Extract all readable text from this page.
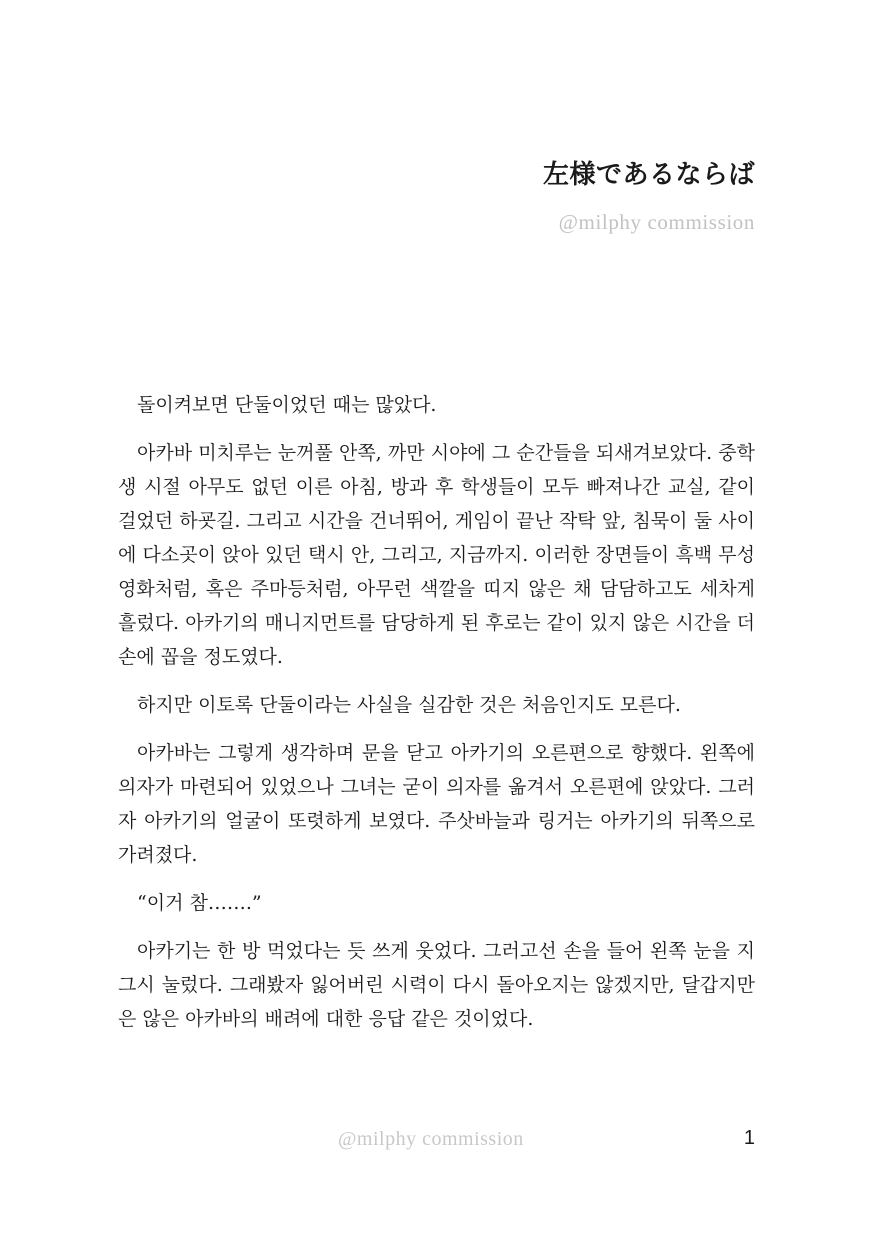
左様であるならば
@milphy commission

돌이켜보면 단둘이었던 때는 많았다.

아카바 미치루는 눈꺼풀 안쪽, 까만 시야에 그 순간들을 되새겨보았다. 중학생 시절 아무도 없던 이른 아침, 방과 후 학생들이 모두 빠져나간 교실, 같이 걸었던 하굣길. 그리고 시간을 건너뛰어, 게임이 끝난 작탁 앞, 침묵이 둘 사이에 다소곳이 앉아 있던 택시 안, 그리고, 지금까지. 이러한 장면들이 흑백 무성 영화처럼, 혹은 주마등처럼, 아무런 색깔을 띠지 않은 채 담담하고도 세차게 흘렀다. 아카기의 매니지먼트를 담당하게 된 후로는 같이 있지 않은 시간을 더 손에 꼽을 정도였다.

하지만 이토록 단둘이라는 사실을 실감한 것은 처음인지도 모른다.

아카바는 그렇게 생각하며 문을 닫고 아카기의 오른편으로 향했다. 왼쪽에 의자가 마련되어 있었으나 그녀는 굳이 의자를 옮겨서 오른편에 앉았다. 그러자 아카기의 얼굴이 또렷하게 보였다. 주삿바늘과 링거는 아카기의 뒤쪽으로 가려졌다.

“이거 참…….”

아카기는 한 방 먹었다는 듯 쓰게 웃었다. 그러고선 손을 들어 왼쪽 눈을 지그시 눌렀다. 그래봤자 잃어버린 시력이 다시 돌아오지는 않겠지만, 달갑지만은 않은 아카바의 배려에 대한 응답 같은 것이었다.

@milphy commission	1
